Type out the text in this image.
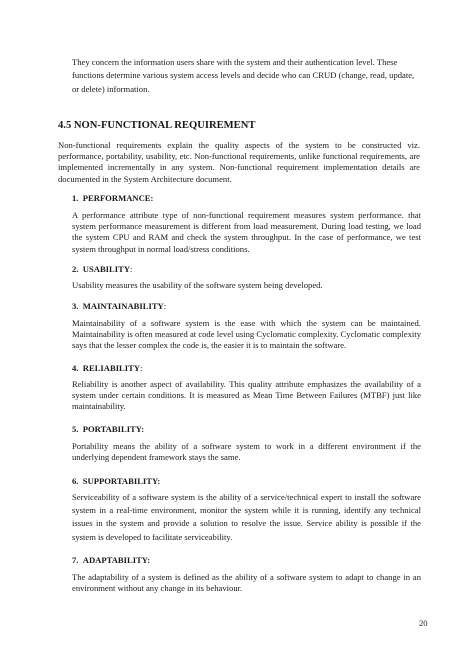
They concern the information users share with the system and their authentication level. These functions determine various system access levels and decide who can CRUD (change, read, update, or delete) information.

4.5 NON-FUNCTIONAL REQUIREMENT

Non-functional requirements explain the quality aspects of the system to be constructed viz. performance, portability, usability, etc. Non-functional requirements, unlike functional requirements, are implemented incrementally in any system. Non-functional requirement implementation details are documented in the System Architecture document.

1. PERFORMANCE:

A performance attribute type of non-functional requirement measures system performance. that system performance measurement is different from load measurement. During load testing, we load the system CPU and RAM and check the system throughput. In the case of performance, we test system throughput in normal load/stress conditions.

2. USABILITY:

Usability measures the usability of the software system being developed.

3. MAINTAINABILITY:

Maintainability of a software system is the ease with which the system can be maintained. Maintainability is often measured at code level using Cyclomatic complexity. Cyclomatic complexity says that the lesser complex the code is, the easier it is to maintain the software.

4. RELIABILITY:

Reliability is another aspect of availability. This quality attribute emphasizes the availability of a system under certain conditions. It is measured as Mean Time Between Failures (MTBF) just like maintainability.

5. PORTABILITY:

Portability means the ability of a software system to work in a different environment if the underlying dependent framework stays the same.

6. SUPPORTABILITY:

Serviceability of a software system is the ability of a service/technical expert to install the software system in a real-time environment, monitor the system while it is running, identify any technical issues in the system and provide a solution to resolve the issue. Service ability is possible if the system is developed to facilitate serviceability.

7. ADAPTABILITY:

The adaptability of a system is defined as the ability of a software system to adapt to change in an environment without any change in its behaviour.

20
